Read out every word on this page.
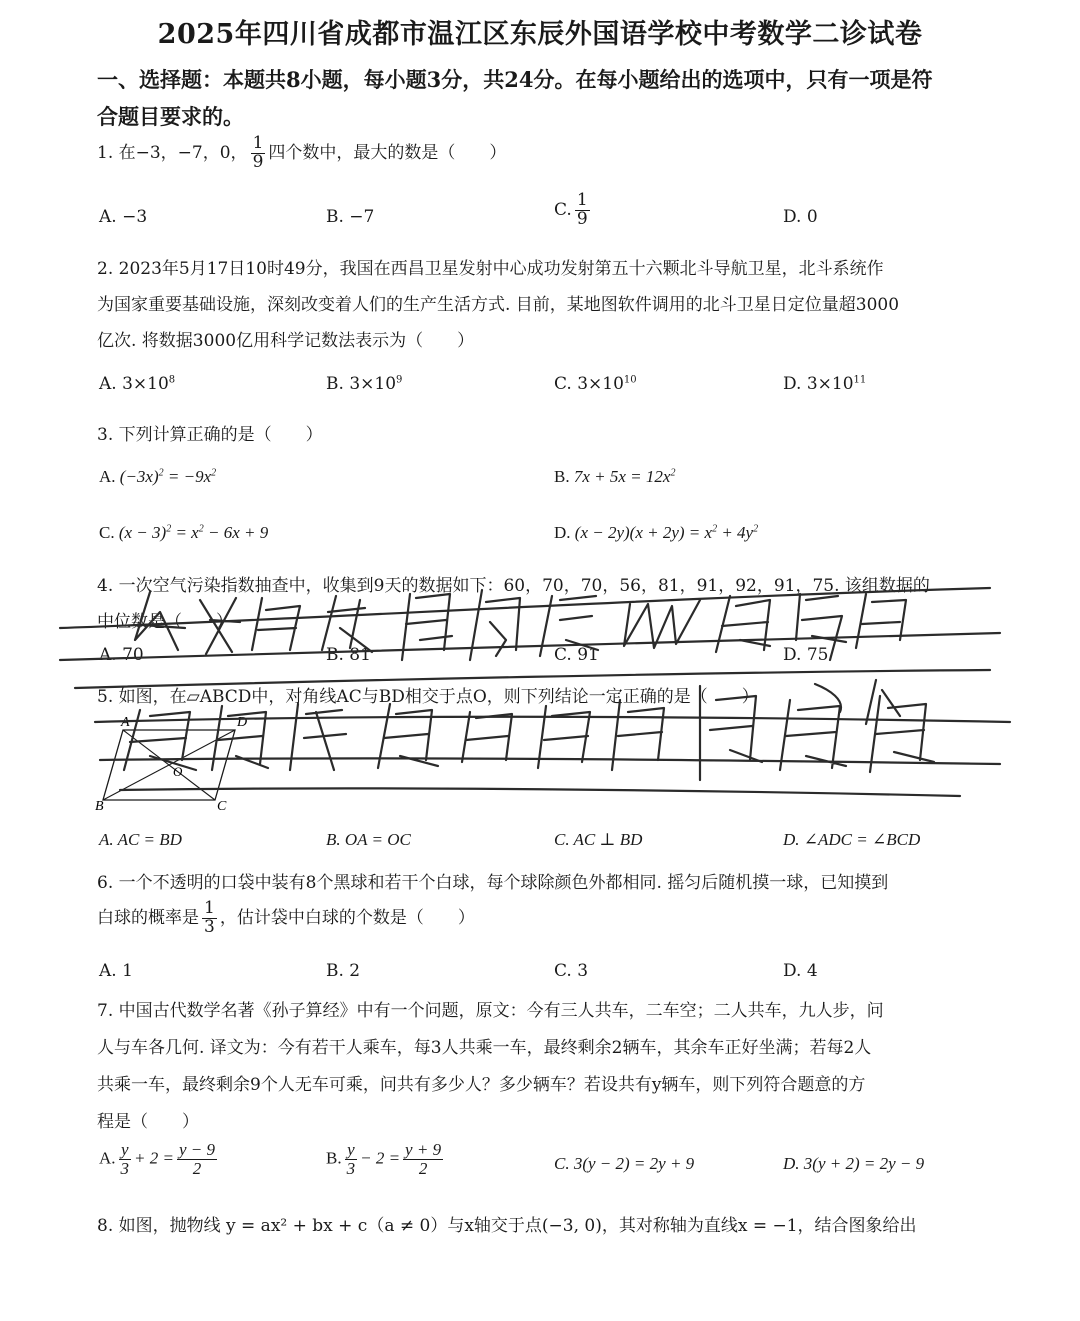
2025年四川省成都市温江区东辰外国语学校中考数学二诊试卷
一、选择题：本题共8小题，每小题3分，共24分。在每小题给出的选项中，只有一项是符
合题目要求的。
1. 在−3，−7，0， $\frac{1}{9}$ 四个数中，最大的数是（　　）
A. −3	B. −7	C. $\frac{1}{9}$	D. 0
2. 2023年5月17日10时49分，我国在西昌卫星发射中心成功发射第五十六颗北斗导航卫星，北斗系统作
为国家重要基础设施，深刻改变着人们的生产生活方式. 目前，某地图软件调用的北斗卫星日定位量超3000
亿次. 将数据3000亿用科学记数法表示为（　　）
A. $3\times 10^8$	B. $3\times 10^9$	C. $3\times 10^{10}$	D. $3\times 10^{11}$
3. 下列计算正确的是（　　）
A. $(-3x)^2 = -9x^2$	B. $7x + 5x = 12x^2$
C. $(x - 3)^2 = x^2 - 6x + 9$	D. $(x - 2y)(x + 2y) = x^2 + 4y^2$
4. 一次空气污染指数抽查中，收集到9天的数据如下：60，70，70，56，81，91，92，91，75. 该组数据的
中位数是（　　）
A. 70	B. 81	C. 91	D. 75
5. 如图，在▱ABCD中，对角线AC与BD相交于点O，则下列结论一定正确的是（　　）
A	D
B	C
O
A. AC = BD	B. OA = OC	C. AC ⊥ BD	D. ∠ADC = ∠BCD
6. 一个不透明的口袋中装有8个黑球和若干个白球，每个球除颜色外都相同. 摇匀后随机摸一球，已知摸到
白球的概率是 $\frac{1}{3}$ ，估计袋中白球的个数是（　　）
A. 1	B. 2	C. 3	D. 4
7. 中国古代数学名著《孙子算经》中有一个问题，原文：今有三人共车，二车空；二人共车，九人步，问
人与车各几何. 译文为：今有若干人乘车，每3人共乘一车，最终剩余2辆车，其余车正好坐满；若每2人
共乘一车，最终剩余9个人无车可乘，问共有多少人？多少辆车？若设共有y辆车，则下列符合题意的方
程是（　　）
A. $\frac{y}{3} + 2 = \frac{y - 9}{2}$	B. $\frac{y}{3} - 2 = \frac{y + 9}{2}$	C. 3(y − 2) = 2y + 9	D. 3(y + 2) = 2y − 9
8. 如图，抛物线 y = ax² + bx + c（a ≠ 0）与x轴交于点(−3, 0)，其对称轴为直线x = −1，结合图象给出
